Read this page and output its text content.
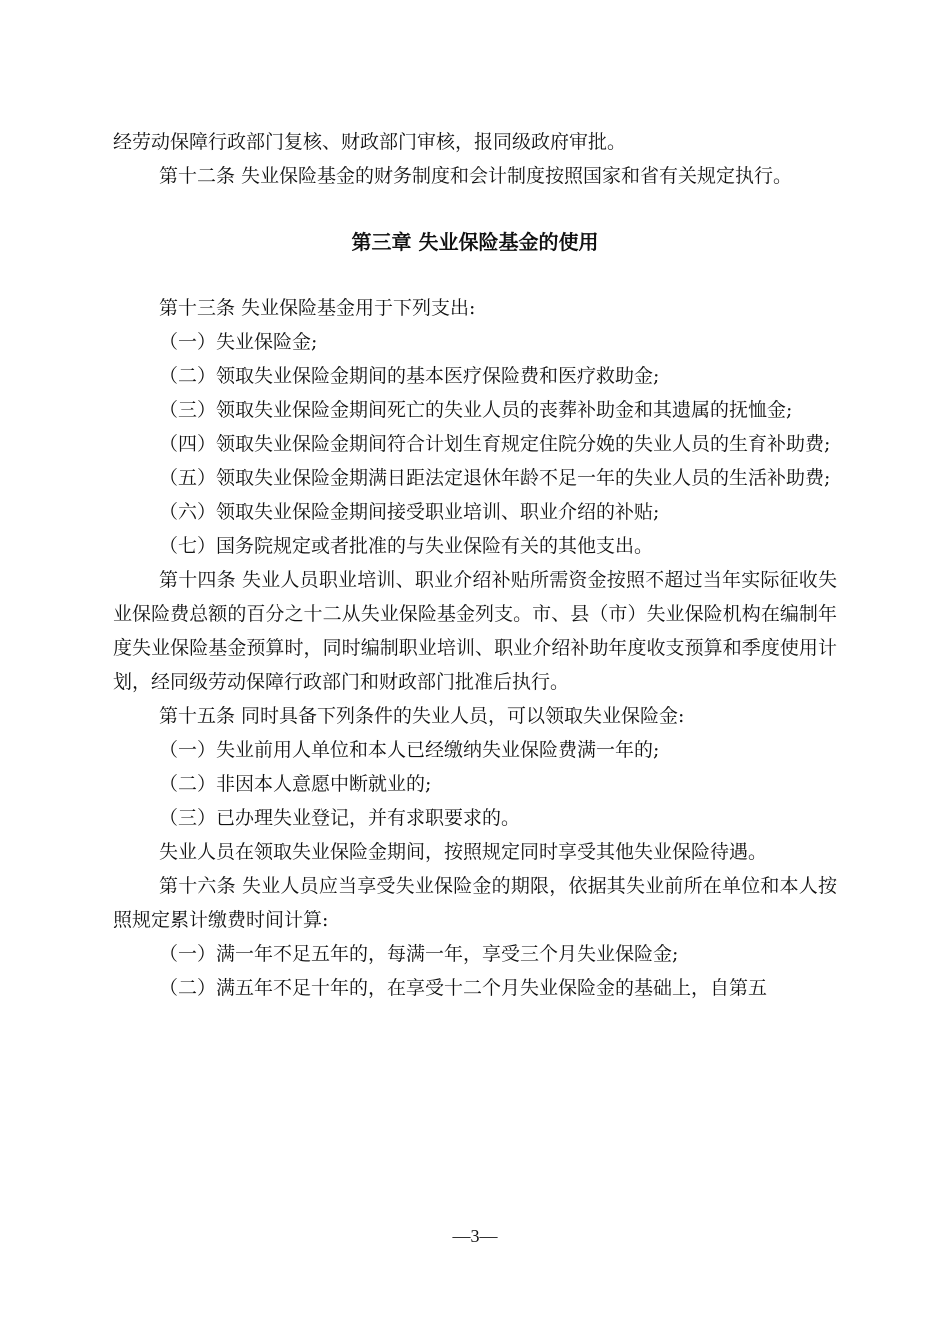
经劳动保障行政部门复核、财政部门审核，报同级政府审批。

第十二条 失业保险基金的财务制度和会计制度按照国家和省有关规定执行。

第三章 失业保险基金的使用

第十三条 失业保险基金用于下列支出:

（一）失业保险金;

（二）领取失业保险金期间的基本医疗保险费和医疗救助金;

（三）领取失业保险金期间死亡的失业人员的丧葬补助金和其遗属的抚恤金;

（四）领取失业保险金期间符合计划生育规定住院分娩的失业人员的生育补助费;

（五）领取失业保险金期满日距法定退休年龄不足一年的失业人员的生活补助费;

（六）领取失业保险金期间接受职业培训、职业介绍的补贴;

（七）国务院规定或者批准的与失业保险有关的其他支出。

第十四条 失业人员职业培训、职业介绍补贴所需资金按照不超过当年实际征收失业保险费总额的百分之十二从失业保险基金列支。市、县（市）失业保险机构在编制年度失业保险基金预算时，同时编制职业培训、职业介绍补助年度收支预算和季度使用计划，经同级劳动保障行政部门和财政部门批准后执行。

第十五条 同时具备下列条件的失业人员，可以领取失业保险金:

（一）失业前用人单位和本人已经缴纳失业保险费满一年的;

（二）非因本人意愿中断就业的;

（三）已办理失业登记，并有求职要求的。

失业人员在领取失业保险金期间，按照规定同时享受其他失业保险待遇。

第十六条 失业人员应当享受失业保险金的期限，依据其失业前所在单位和本人按照规定累计缴费时间计算:

（一）满一年不足五年的，每满一年，享受三个月失业保险金;

（二）满五年不足十年的，在享受十二个月失业保险金的基础上，自第五

—3—
